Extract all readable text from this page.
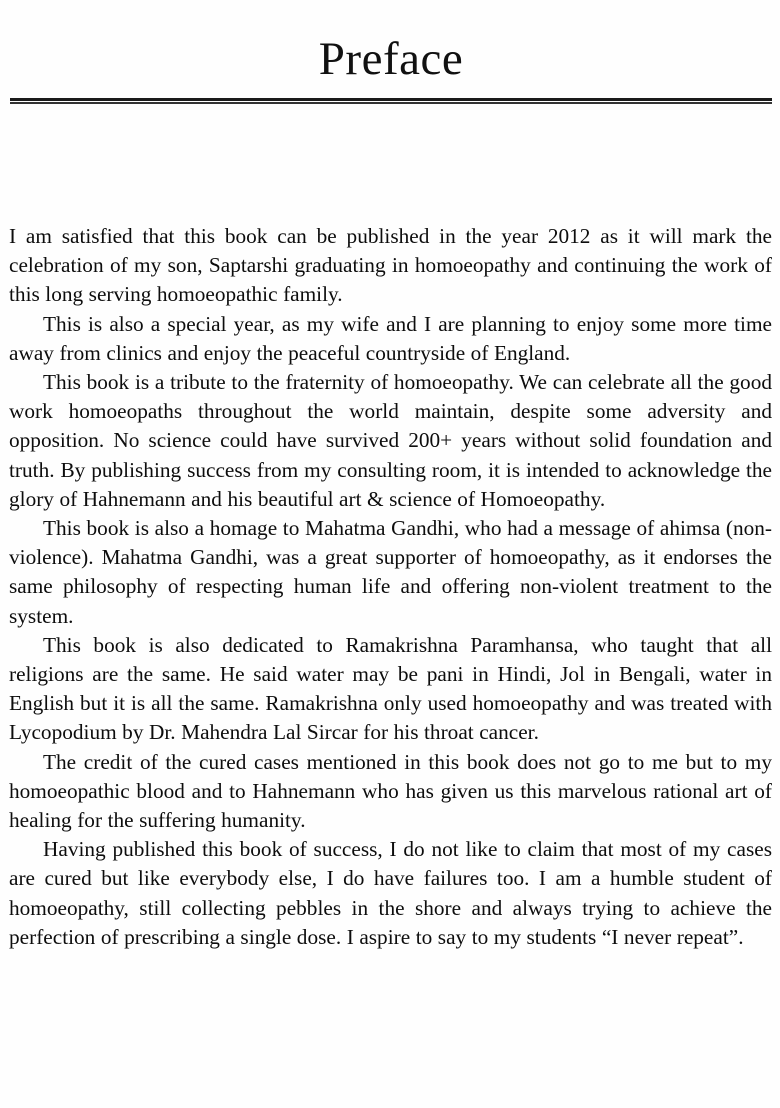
Preface

I am satisfied that this book can be published in the year 2012 as it will mark the celebration of my son, Saptarshi graduating in homoeopathy and continuing the work of this long serving homoeopathic family.

This is also a special year, as my wife and I are planning to enjoy some more time away from clinics and enjoy the peaceful countryside of England.

This book is a tribute to the fraternity of homoeopathy. We can celebrate all the good work homoeopaths throughout the world maintain, despite some adversity and opposition. No science could have survived 200+ years without solid foundation and truth. By publishing success from my consulting room, it is intended to acknowledge the glory of Hahnemann and his beautiful art & science of Homoeopathy.

This book is also a homage to Mahatma Gandhi, who had a message of ahimsa (non-violence). Mahatma Gandhi, was a great supporter of homoeopathy, as it endorses the same philosophy of respecting human life and offering non-violent treatment to the system.

This book is also dedicated to Ramakrishna Paramhansa, who taught that all religions are the same. He said water may be pani in Hindi, Jol in Bengali, water in English but it is all the same. Ramakrishna only used homoeopathy and was treated with Lycopodium by Dr. Mahendra Lal Sircar for his throat cancer.

The credit of the cured cases mentioned in this book does not go to me but to my homoeopathic blood and to Hahnemann who has given us this marvelous rational art of healing for the suffering humanity.

Having published this book of success, I do not like to claim that most of my cases are cured but like everybody else, I do have failures too. I am a humble student of homoeopathy, still collecting pebbles in the shore and always trying to achieve the perfection of prescribing a single dose. I aspire to say to my students “I never repeat”.
